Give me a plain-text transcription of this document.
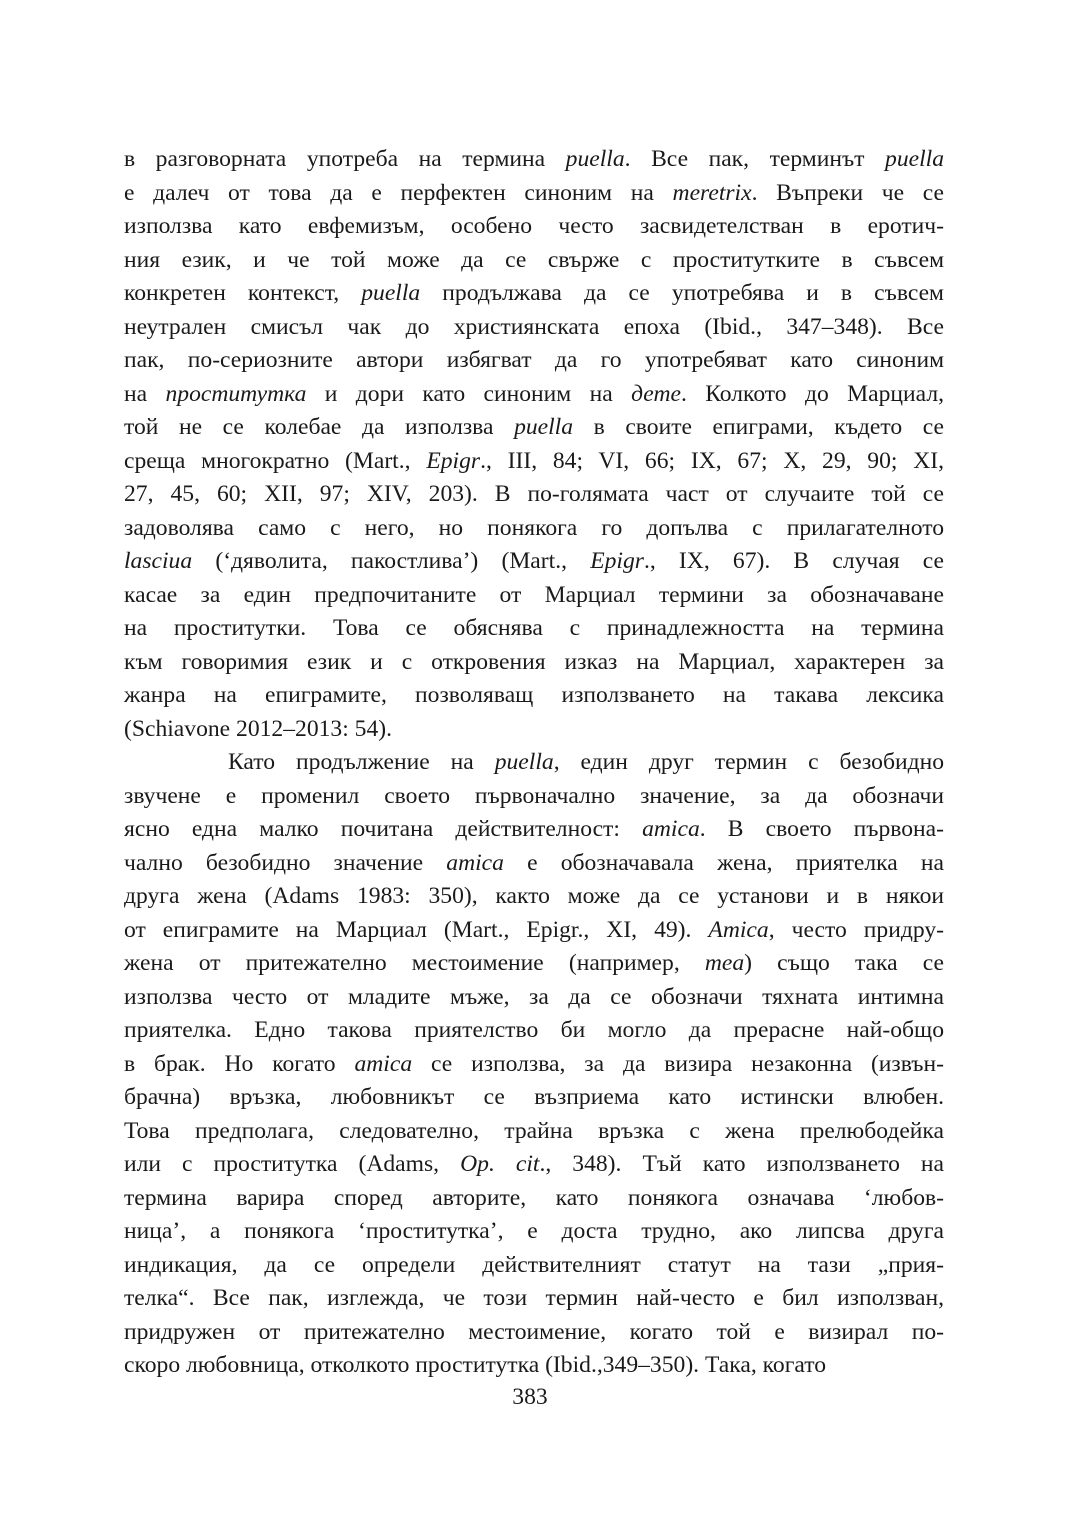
в разговорната употреба на термина puella. Все пак, терминът puella
е далеч от това да е перфектен синоним на meretrix. Въпреки че се
използва като евфемизъм, особено често засвидетелстван в еротич-
ния език, и че той може да се свърже с проститутките в съвсем
конкретен контекст, puella продължава да се употребява и в съвсем
неутрален смисъл чак до християнската епоха (Ibid., 347–348). Все
пак, по-сериозните автори избягват да го употребяват като синоним
на проститутка и дори като синоним на дете. Колкото до Марциал,
той не се колебае да използва puella в своите епиграми, където се
среща многократно (Mart., Epigr., III, 84; VI, 66; IX, 67; X, 29, 90; XI,
27, 45, 60; XII, 97; XIV, 203). В по-голямата част от случаите той се
задоволява само с него, но понякога го допълва с прилагателното
lasciua (‘дяволита, пакостлива’) (Mart., Epigr., IX, 67). В случая се
касае за един предпочитаните от Марциал термини за обозначаване
на проститутки. Това се обяснява с принадлежността на термина
към говоримия език и с откровения изказ на Марциал, характерен за
жанра на епиграмите, позволяващ използването на такава лексика
(Schiavone 2012–2013: 54).
Като продължение на puella, един друг термин с безобидно
звучене е променил своето първоначално значение, за да обозначи
ясно една малко почитана действителност: amica. В своето първона-
чално безобидно значение amica е обозначавала жена, приятелка на
друга жена (Adams 1983: 350), както може да се установи и в някои
от епиграмите на Марциал (Mart., Epigr., XI, 49). Amica, често придру-
жена от притежателно местоимение (например, mea) също така се
използва често от младите мъже, за да се обозначи тяхната интимна
приятелка. Едно такова приятелство би могло да прерасне най-общо
в брак. Но когато amica се използва, за да визира незаконна (извън-
брачна) връзка, любовникът се възприема като истински влюбен.
Това предполага, следователно, трайна връзка с жена прелюбодейка
или с проститутка (Adams, Op. cit., 348). Тъй като използването на
термина варира според авторите, като понякога означава ‘любов-
ница’, а понякога ‘проститутка’, е доста трудно, ако липсва друга
индикация, да се определи действителният статут на тази „прия-
телка“. Все пак, изглежда, че този термин най-често е бил използван,
придружен от притежателно местоимение, когато той е визирал по-
скоро любовница, отколкото проститутка (Ibid.,349–350). Така, когато
383
